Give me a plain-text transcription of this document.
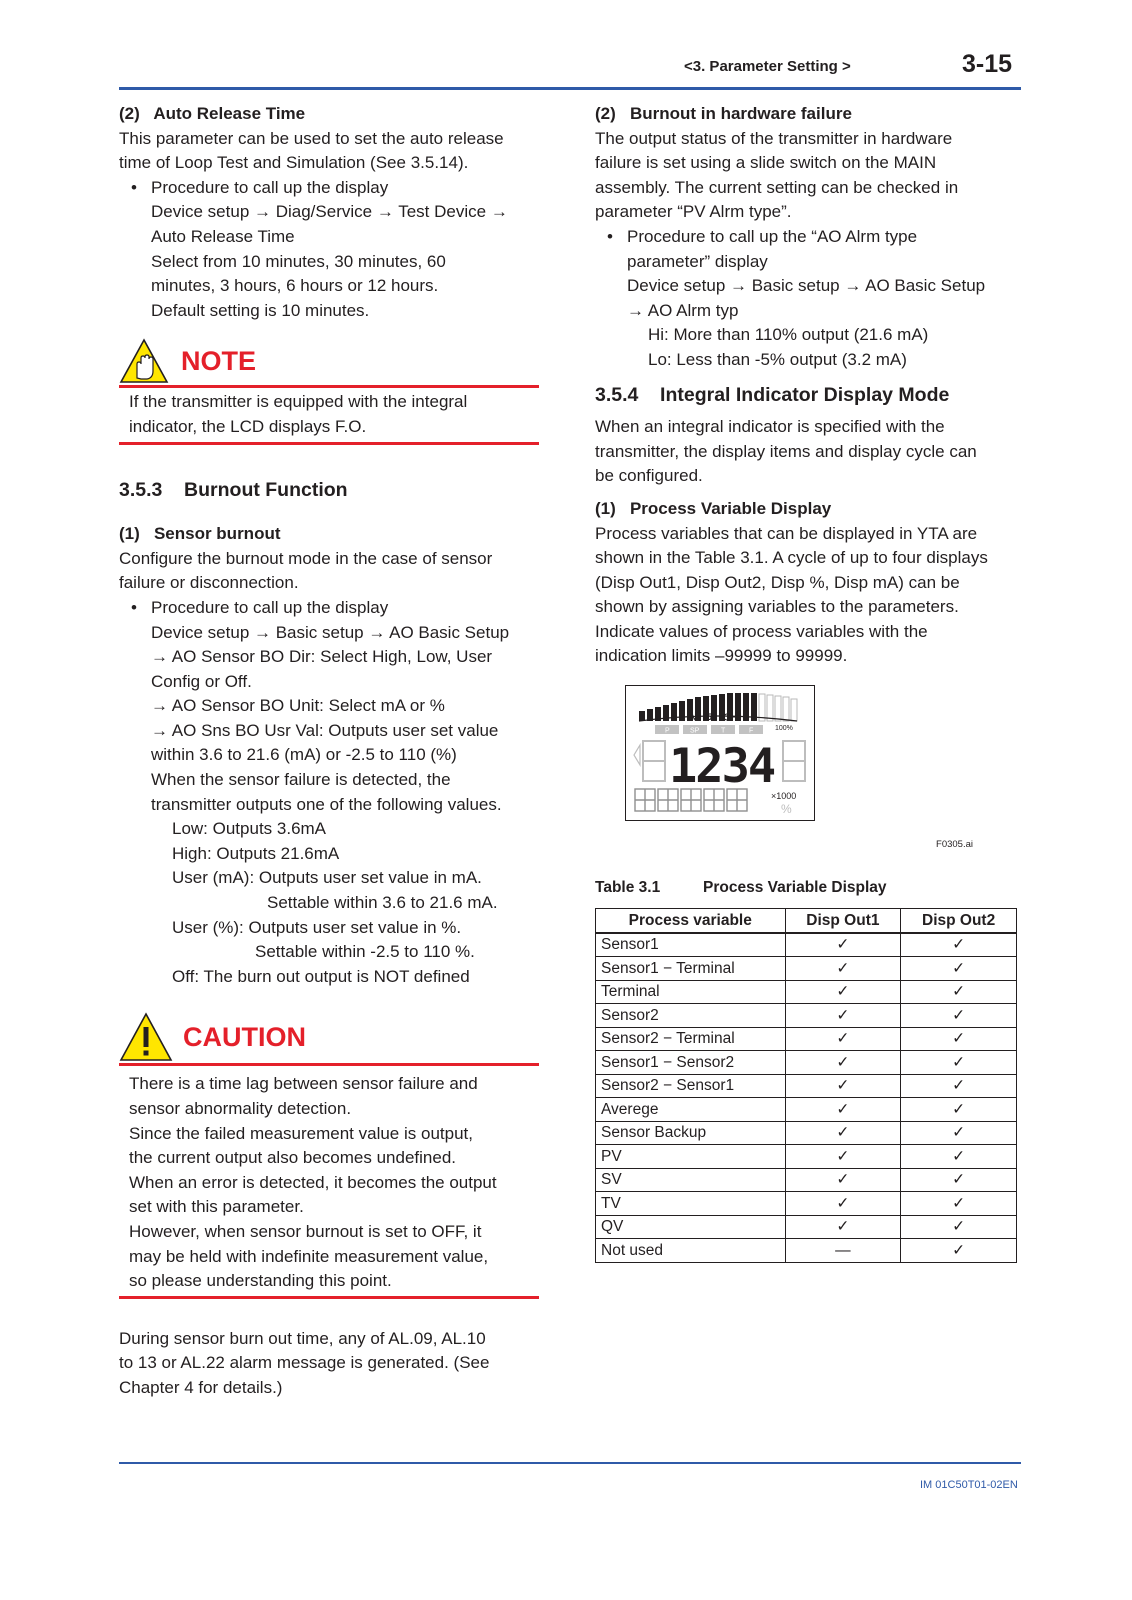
<3. Parameter Setting >	3-15

(2)   Auto Release Time

This parameter can be used to set the auto release

time of Loop Test and Simulation (See 3.5.14).

• Procedure to call up the display

Device setup → Diag/Service → Test Device →

Auto Release Time

Select from 10 minutes, 30 minutes, 60

minutes, 3 hours, 6 hours or 12 hours.

Default setting is 10 minutes.

NOTE

If the transmitter is equipped with the integral

indicator, the LCD displays F.O.

3.5.3    Burnout Function

(1)   Sensor burnout

Configure the burnout mode in the case of sensor

failure or disconnection.

• Procedure to call up the display

Device setup → Basic setup → AO Basic Setup

→ AO Sensor BO Dir: Select High, Low, User

Config or Off.

→ AO Sensor BO Unit: Select mA or %

→ AO Sns BO Usr Val: Outputs user set value

within 3.6 to 21.6 (mA) or -2.5 to 110 (%)

When the sensor failure is detected, the

transmitter outputs one of the following values.

Low: Outputs 3.6mA

High: Outputs 21.6mA

User (mA): Outputs user set value in mA.

Settable within 3.6 to 21.6 mA.

User (%): Outputs user set value in %.

Settable within -2.5 to 110 %.

Off: The burn out output is NOT defined

CAUTION

There is a time lag between sensor failure and

sensor abnormality detection.

Since the failed measurement value is output,

the current output also becomes undefined.

When an error is detected, it becomes the output

set with this parameter.

However, when sensor burnout is set to OFF, it

may be held with indefinite measurement value,

so please understanding this point.

During sensor burn out time, any of AL.09, AL.10

to 13 or AL.22 alarm message is generated. (See

Chapter 4 for details.)

(2)   Burnout in hardware failure

The output status of the transmitter in hardware

failure is set using a slide switch on the MAIN

assembly. The current setting can be checked in

parameter “PV Alrm type”.

• Procedure to call up the “AO Alrm type

parameter” display

Device setup → Basic setup → AO Basic Setup

→ AO Alrm typ

Hi: More than 110% output (21.6 mA)

Lo: Less than -5% output (3.2 mA)

3.5.4    Integral Indicator Display Mode

When an integral indicator is specified with the

transmitter, the display items and display cycle can

be configured.

(1)   Process Variable Display

Process variables that can be displayed in YTA are

shown in the Table 3.1. A cycle of up to four displays

(Disp Out1, Disp Out2, Disp %, Disp mA) can be

shown by assigning variables to the parameters.

Indicate values of process variables with the

indication limits –99999 to 99999.

50
√
100%
P	SP	T	F
1234
×1000
%

F0305.ai

Table 3.1	Process Variable Display
Process variable	Disp Out1	Disp Out2
Sensor1	✓	✓
Sensor1 − Terminal	✓	✓
Terminal	✓	✓
Sensor2	✓	✓
Sensor2 − Terminal	✓	✓
Sensor1 − Sensor2	✓	✓
Sensor2 − Sensor1	✓	✓
Averege	✓	✓
Sensor Backup	✓	✓
PV	✓	✓
SV	✓	✓
TV	✓	✓
QV	✓	✓
Not used	—	✓
IM 01C50T01-02EN
